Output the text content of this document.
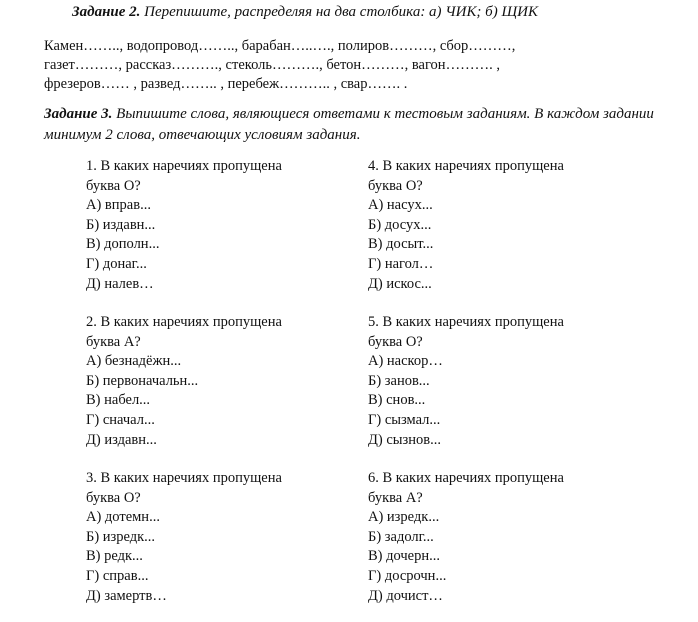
Задание 2. Перепишите, распределяя на два столбика: а) ЧИК; б) ЩИК
Камен…….., водопровод…….., барабан…..…., полиров………, сбор………,
газет………, рассказ………., стеколь………., бетон………, вагон………. ,
фрезеров…… , развед…….. , перебеж……….. , свар……. .
Задание 3. Выпишите слова, являющиеся ответами к тестовым заданиям. В каждом задании минимум 2 слова, отвечающих условиям задания.
1. В каких наречиях пропущена
буква О?
А) вправ...
Б) издавн...
В) дополн...
Г) донаг...
Д) налев…
4. В каких наречиях пропущена
буква О?
А) насух...
Б) досух...
В) досыт...
Г) нагол…
Д) искос...
2. В каких наречиях пропущена
буква А?
А) безнадёжн...
Б) первоначальн...
В) набел...
Г) сначал...
Д) издавн...
5. В каких наречиях пропущена
буква О?
А) наскор…
Б) занов...
В) снов...
Г) сызмал...
Д) сызнов...
3. В каких наречиях пропущена
буква О?
А) дотемн...
Б) изредк...
В) редк...
Г) справ...
Д) замертв…
6. В каких наречиях пропущена
буква А?
А) изредк...
Б) задолг...
В) дочерн...
Г) досрочн...
Д) дочист…
